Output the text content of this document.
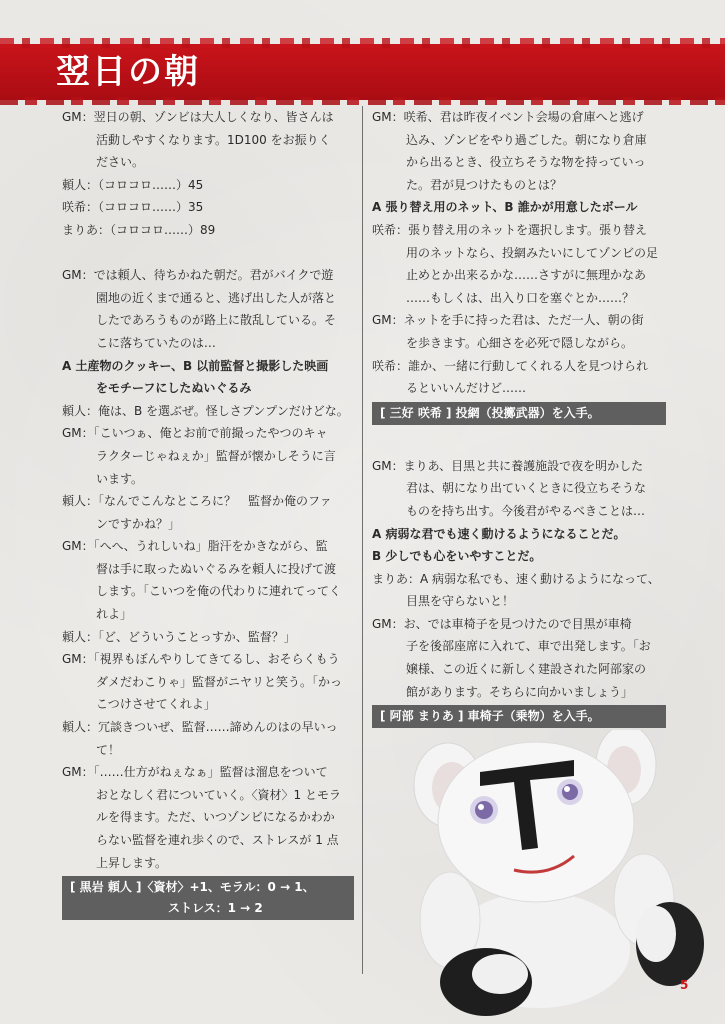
翌日の朝
GM：翌日の朝、ゾンビは大人しくなり、皆さんは
活動しやすくなります。1D100 をお振りく
ださい。
頼人：（コロコロ……）45
咲希：（コロコロ……）35
まりあ：（コロコロ……）89
GM：では頼人、待ちかねた朝だ。君がバイクで遊
園地の近くまで通ると、逃げ出した人が落と
したであろうものが路上に散乱している。そ
こに落ちていたのは…
A 土産物のクッキー、B 以前監督と撮影した映画
をモチーフにしたぬいぐるみ
頼人：俺は、B を選ぶぜ。怪しさプンプンだけどな。
GM：「こいつぁ、俺とお前で前撮ったやつのキャ
ラクターじゃねぇか」監督が懐かしそうに言
います。
頼人：「なんでこんなところに？　監督か俺のファ
ンですかね？」
GM：「へへ、うれしいね」脂汗をかきながら、監
督は手に取ったぬいぐるみを頼人に投げて渡
します。「こいつを俺の代わりに連れてってく
れよ」
頼人：「ど、どういうことっすか、監督？」
GM：「視界もぼんやりしてきてるし、おそらくもう
ダメだわこりゃ」監督がニヤリと笑う。「かっ
こつけさせてくれよ」
頼人：冗談きついぜ、監督……諦めんのはの早いっ
て！
GM：「……仕方がねぇなぁ」監督は溜息をついて
おとなしく君についていく。〈資材〉1 とモラ
ルを得ます。ただ、いつゾンビになるかわか
らない監督を連れ歩くので、ストレスが 1 点
上昇します。
[ 黒岩 頼人 ]〈資材〉+1、モラル：0 → 1、
ストレス：1 → 2
GM：咲希、君は昨夜イベント会場の倉庫へと逃げ
込み、ゾンビをやり過ごした。朝になり倉庫
から出るとき、役立ちそうな物を持っていっ
た。君が見つけたものとは？
A 張り替え用のネット、B 誰かが用意したボール
咲希：張り替え用のネットを選択します。張り替え
用のネットなら、投網みたいにしてゾンビの足
止めとか出来るかな……さすがに無理かなあ
……もしくは、出入り口を塞ぐとか……？
GM：ネットを手に持った君は、ただ一人、朝の街
を歩きます。心細さを必死で隠しながら。
咲希：誰か、一緒に行動してくれる人を見つけられ
るといいんだけど……
[ 三好 咲希 ] 投網（投擲武器）を入手。
GM：まりあ、目黒と共に養護施設で夜を明かした
君は、朝になり出ていくときに役立ちそうな
ものを持ち出す。今後君がやるべきことは…
A 病弱な君でも速く動けるようになることだ。
B 少しでも心をいやすことだ。
まりあ：A 病弱な私でも、速く動けるようになって、
目黒を守らないと！
GM：お、では車椅子を見つけたので目黒が車椅
子を後部座席に入れて、車で出発します。「お
嬢様、この近くに新しく建設された阿部家の
館があります。そちらに向かいましょう」
[ 阿部 まりあ ] 車椅子（乗物）を入手。
5
